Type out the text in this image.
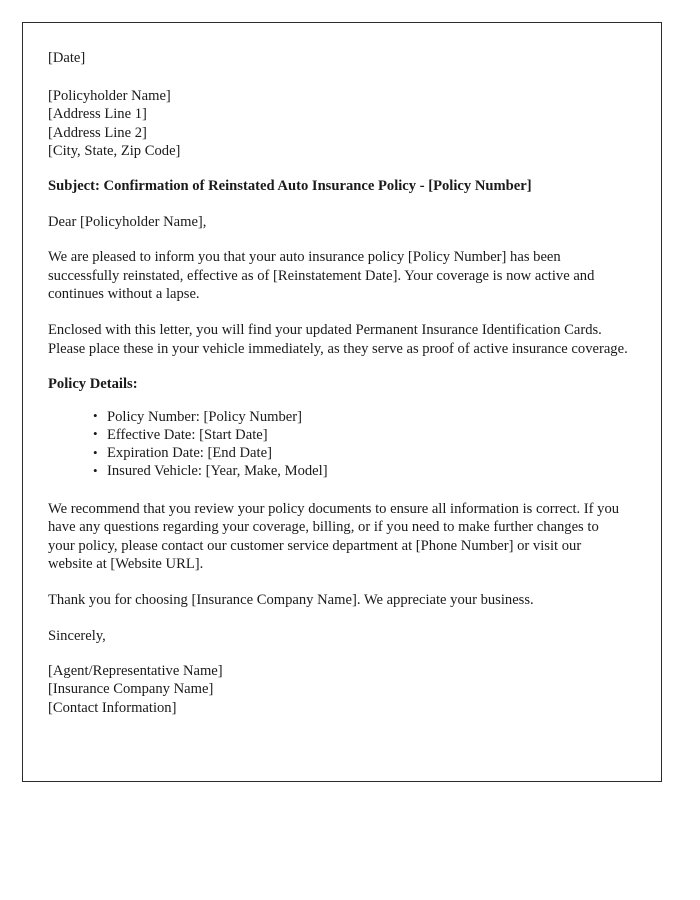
[Date]
[Policyholder Name]
[Address Line 1]
[Address Line 2]
[City, State, Zip Code]
Subject: Confirmation of Reinstated Auto Insurance Policy - [Policy Number]
Dear [Policyholder Name],

We are pleased to inform you that your auto insurance policy [Policy Number] has been successfully reinstated, effective as of [Reinstatement Date]. Your coverage is now active and continues without a lapse.

Enclosed with this letter, you will find your updated Permanent Insurance Identification Cards. Please place these in your vehicle immediately, as they serve as proof of active insurance coverage.

Policy Details:
• Policy Number: [Policy Number]
• Effective Date: [Start Date]
• Expiration Date: [End Date]
• Insured Vehicle: [Year, Make, Model]

We recommend that you review your policy documents to ensure all information is correct. If you have any questions regarding your coverage, billing, or if you need to make further changes to your policy, please contact our customer service department at [Phone Number] or visit our website at [Website URL].

Thank you for choosing [Insurance Company Name]. We appreciate your business.

Sincerely,
[Agent/Representative Name]
[Insurance Company Name]
[Contact Information]
